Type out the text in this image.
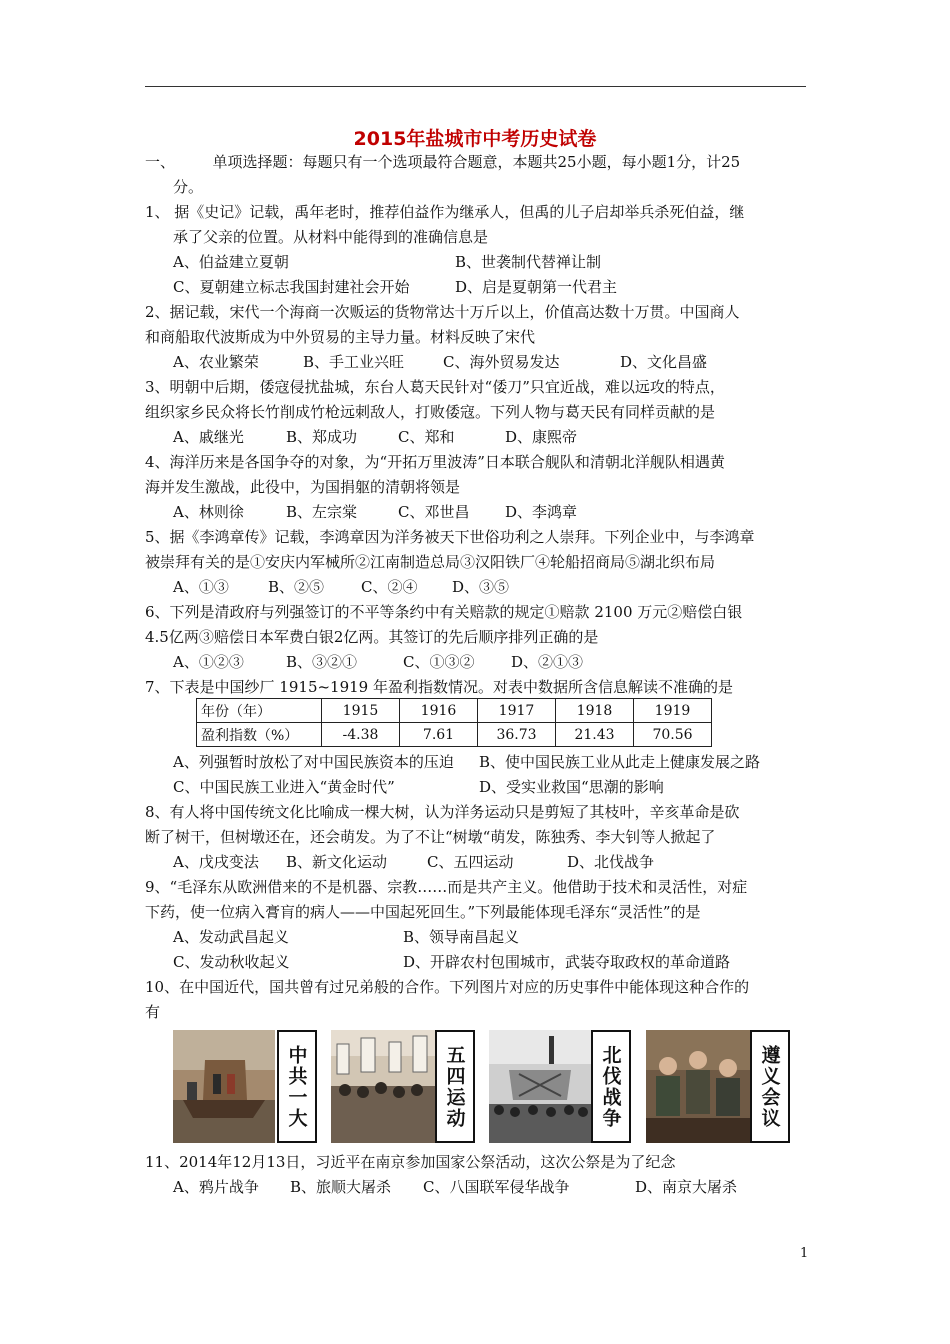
2015年盐城市中考历史试卷
一、　　　单项选择题：每题只有一个选项最符合题意，本题共25小题，每小题1分，计25
分。
1、 据《史记》记载，禹年老时，推荐伯益作为继承人，但禹的儿子启却举兵杀死伯益，继
承了父亲的位置。从材料中能得到的准确信息是
A、伯益建立夏朝	B、世袭制代替禅让制
C、夏朝建立标志我国封建社会开始	D、启是夏朝第一代君主
2、据记载，宋代一个海商一次贩运的货物常达十万斤以上，价值高达数十万贯。中国商人
和商船取代波斯成为中外贸易的主导力量。材料反映了宋代
A、农业繁荣	B、手工业兴旺	C、海外贸易发达	D、文化昌盛
3、明朝中后期，倭寇侵扰盐城，东台人葛天民针对“倭刀”只宜近战，难以远攻的特点，
组织家乡民众将长竹削成竹枪远刺敌人，打败倭寇。下列人物与葛天民有同样贡献的是
A、戚继光	B、郑成功	C、郑和	D、康熙帝
4、海洋历来是各国争夺的对象，为“开拓万里波涛”日本联合舰队和清朝北洋舰队相遇黄
海并发生激战，此役中，为国捐躯的清朝将领是
A、林则徐	B、左宗棠	C、邓世昌 D、李鸿章
5、据《李鸿章传》记载，李鸿章因为洋务被天下世俗功利之人崇拜。下列企业中，与李鸿章
被崇拜有关的是①安庆内军械所②江南制造总局③汉阳铁厂④轮船招商局⑤湖北织布局
A、①③	B、②⑤ C、②④ D、③⑤
6、下列是清政府与列强签订的不平等条约中有关赔款的规定①赔款 2100 万元②赔偿白银
4.5亿两③赔偿日本军费白银2亿两。其签订的先后顺序排列正确的是
A、①②③	B、③②①	C、①③② D、②①③
7、下表是中国纱厂 1915~1919 年盈利指数情况。对表中数据所含信息解读不准确的是
年份（年）	1915	1916	1917	1918	1919
盈利指数（%）	-4.38	7.61	36.73	21.43	70.56
A、列强暂时放松了对中国民族资本的压迫 B、使中国民族工业从此走上健康发展之路
C、中国民族工业进入“黄金时代”	D、受实业救国“思潮的影响
8、有人将中国传统文化比喻成一棵大树，认为洋务运动只是剪短了其枝叶，辛亥革命是砍
断了树干，但树墩还在，还会萌发。为了不让“树墩“萌发，陈独秀、李大钊等人掀起了
A、戊戌变法 B、新文化运动	C、五四运动	D、北伐战争
9、“毛泽东从欧洲借来的不是机器、宗教……而是共产主义。他借助于技术和灵活性，对症
下药，使一位病入膏肓的病人——中国起死回生。”下列最能体现毛泽东“灵活性”的是
A、发动武昌起义	B、领导南昌起义
C、发动秋收起义	D、开辟农村包围城市，武装夺取政权的革命道路
10、在中国近代，国共曾有过兄弟般的合作。下列图片对应的历史事件中能体现这种合作的
有
中共一大	五四运动	北伐战争	遵义会议
11、2014年12月13日，习近平在南京参加国家公祭活动，这次公祭是为了纪念
A、鸦片战争 B、旅顺大屠杀 C、八国联军侵华战争	D、南京大屠杀
1
